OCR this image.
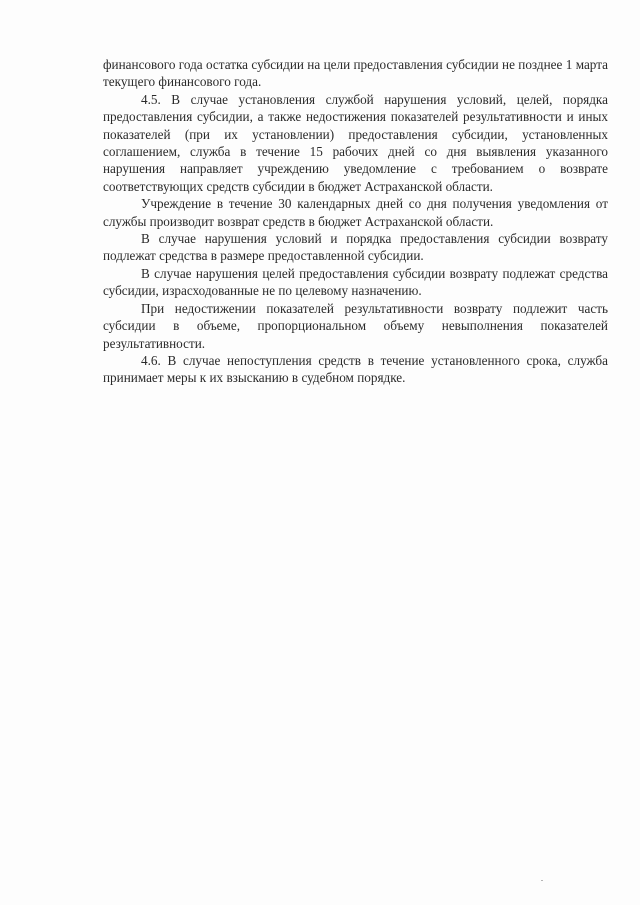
финансового года остатка субсидии на цели предоставления субсидии не позднее 1 марта текущего финансового года.

4.5. В случае установления службой нарушения условий, целей, порядка предоставления субсидии, а также недостижения показателей результативности и иных показателей (при их установлении) предоставления субсидии, установленных соглашением, служба в течение 15 рабочих дней со дня выявления указанного нарушения направляет учреждению уведомление с требованием о возврате соответствующих средств субсидии в бюджет Астраханской области.

Учреждение в течение 30 календарных дней со дня получения уведомления от службы производит возврат средств в бюджет Астраханской области.

В случае нарушения условий и порядка предоставления субсидии возврату подлежат средства в размере предоставленной субсидии.

В случае нарушения целей предоставления субсидии возврату подлежат средства субсидии, израсходованные не по целевому назначению.

При недостижении показателей результативности возврату подлежит часть субсидии в объеме, пропорциональном объему невыполнения показателей результативности.

4.6. В случае непоступления средств в течение установленного срока, служба принимает меры к их взысканию в судебном порядке.
